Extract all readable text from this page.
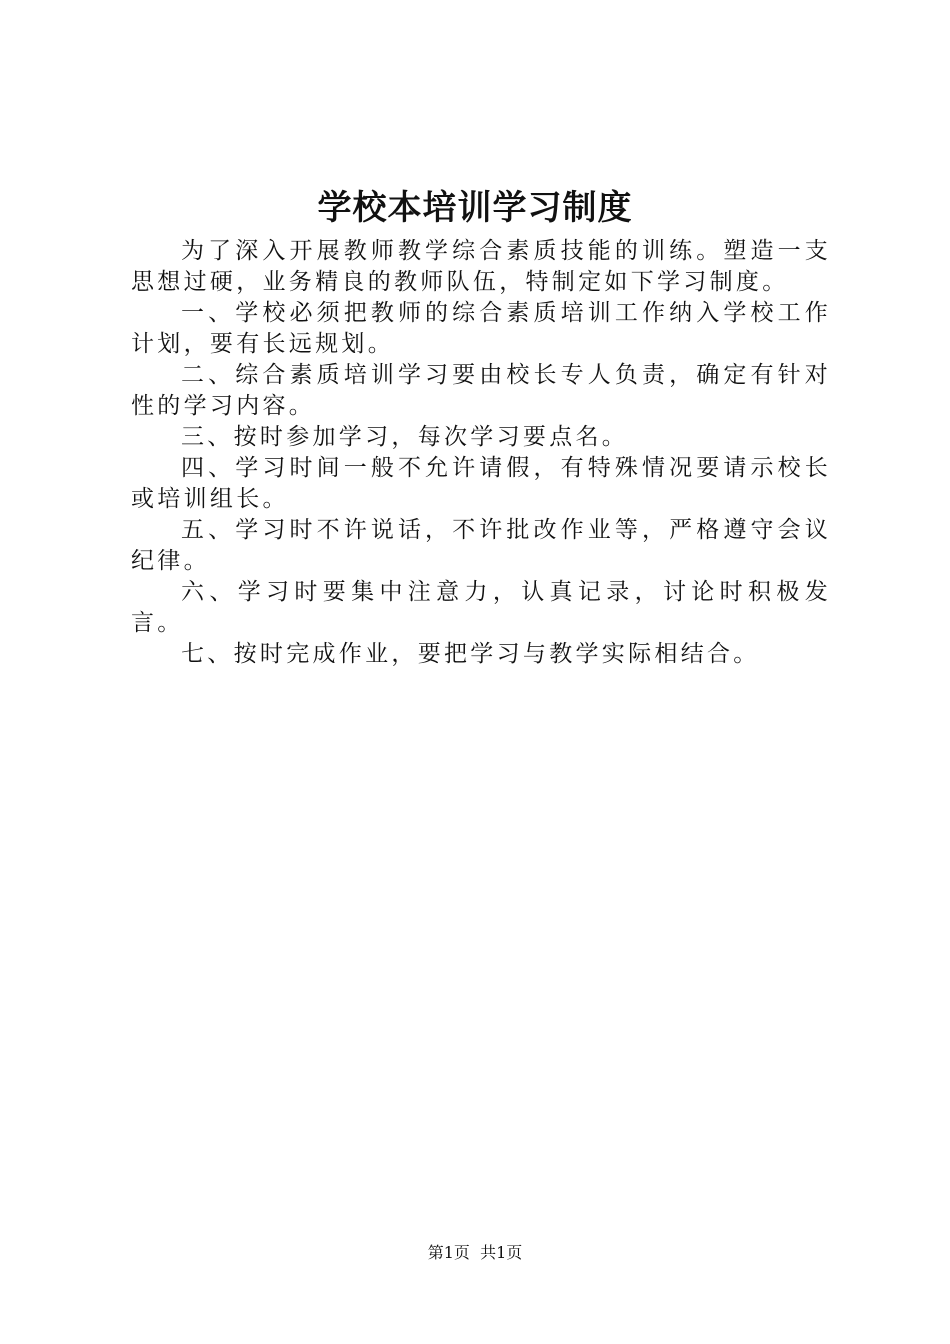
学校本培训学习制度

为了深入开展教师教学综合素质技能的训练。塑造一支思想过硬，业务精良的教师队伍，特制定如下学习制度。

一、学校必须把教师的综合素质培训工作纳入学校工作计划，要有长远规划。

二、综合素质培训学习要由校长专人负责，确定有针对性的学习内容。

三、按时参加学习，每次学习要点名。

四、学习时间一般不允许请假，有特殊情况要请示校长或培训组长。

五、学习时不许说话，不许批改作业等，严格遵守会议纪律。

六、学习时要集中注意力，认真记录，讨论时积极发言。

七、按时完成作业，要把学习与教学实际相结合。

第1页 共1页
